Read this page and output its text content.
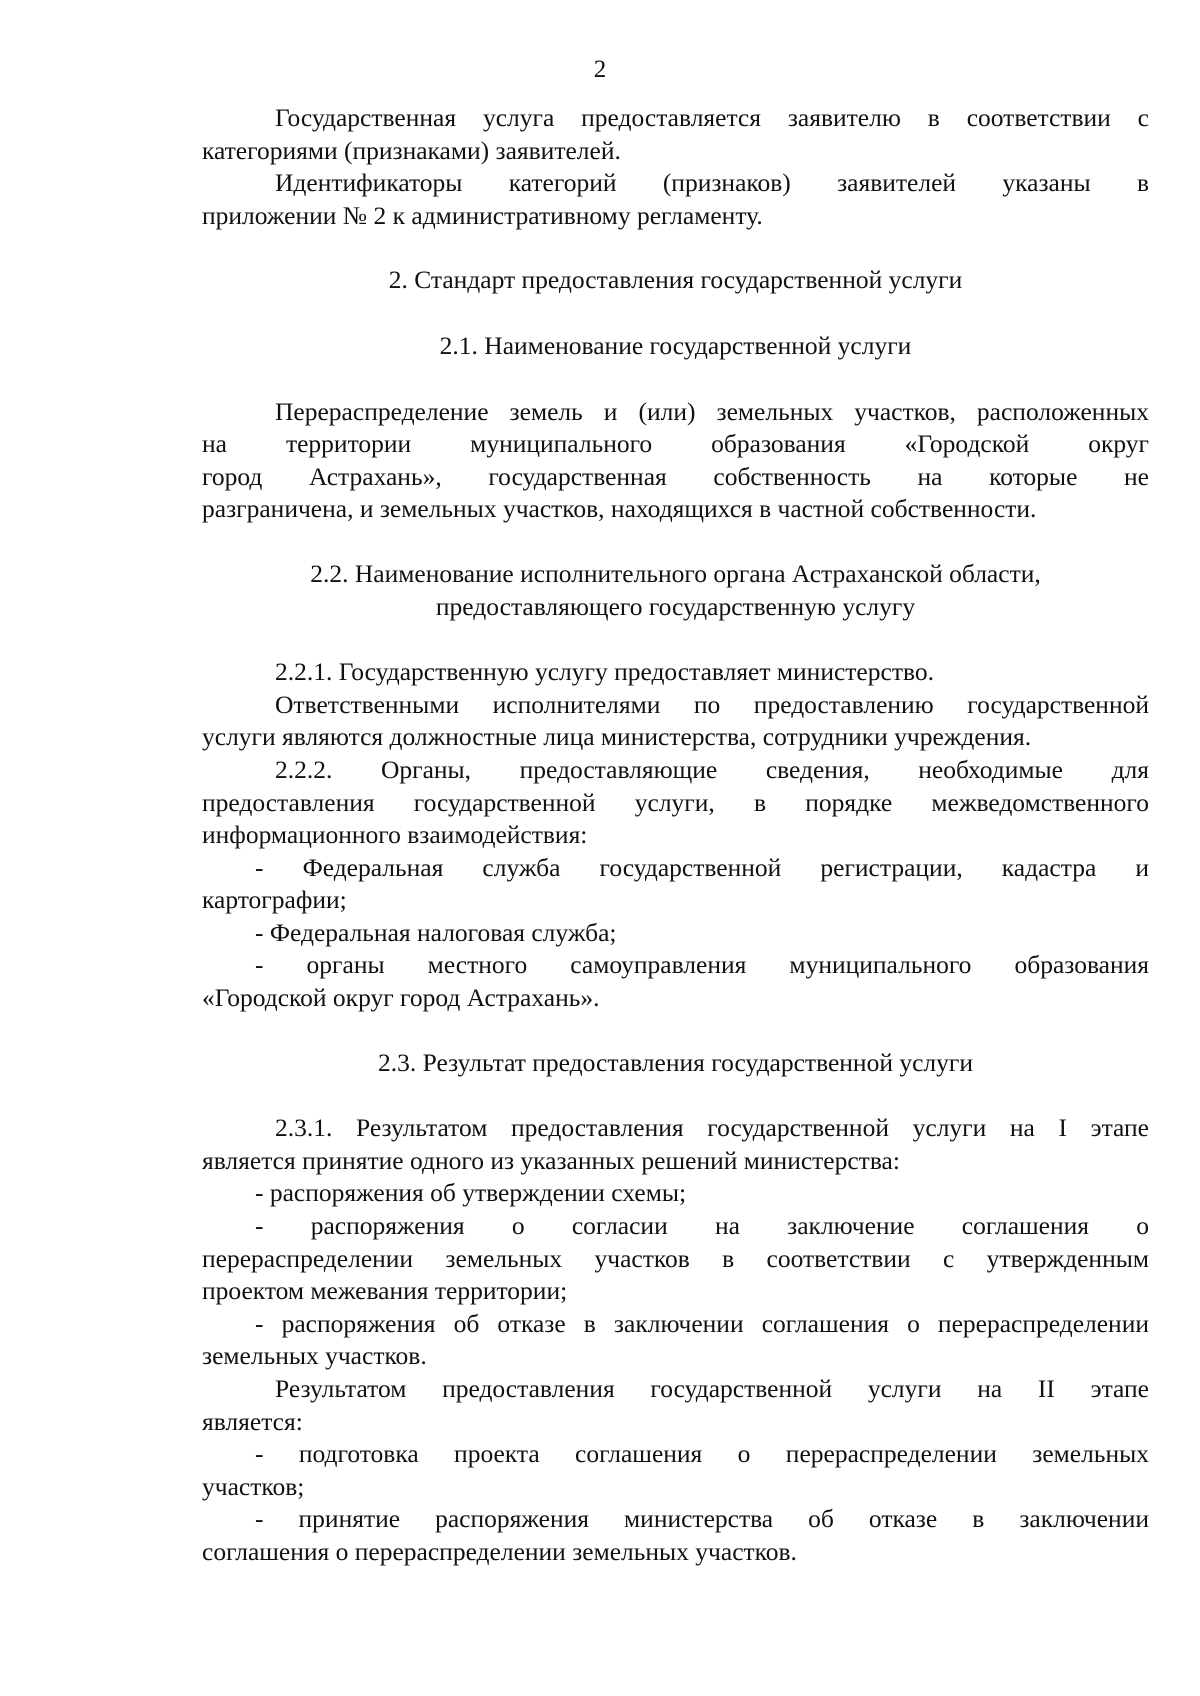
2

Государственная услуга предоставляется заявителю в соответствии с

категориями (признаками) заявителей.

Идентификаторы категорий (признаков) заявителей указаны в

приложении № 2 к административному регламенту.

2. Стандарт предоставления государственной услуги

2.1. Наименование государственной услуги

Перераспределение земель и (или) земельных участков, расположенных

на территории муниципального образования «Городской округ

город Астрахань», государственная собственность на которые не

разграничена, и земельных участков, находящихся в частной собственности.

2.2. Наименование исполнительного органа Астраханской области,

предоставляющего государственную услугу

2.2.1. Государственную услугу предоставляет министерство.

Ответственными исполнителями по предоставлению государственной

услуги являются должностные лица министерства, сотрудники учреждения.

2.2.2. Органы, предоставляющие сведения, необходимые для

предоставления государственной услуги, в порядке межведомственного

информационного взаимодействия:

- Федеральная служба государственной регистрации, кадастра и

картографии;

- Федеральная налоговая служба;

- органы местного самоуправления муниципального образования

«Городской округ город Астрахань».

2.3. Результат предоставления государственной услуги

2.3.1. Результатом предоставления государственной услуги на I этапе

является принятие одного из указанных решений министерства:

- распоряжения об утверждении схемы;

- распоряжения о согласии на заключение соглашения о

перераспределении земельных участков в соответствии с утвержденным

проектом межевания территории;

- распоряжения об отказе в заключении соглашения о перераспределении

земельных участков.

Результатом предоставления государственной услуги на II этапе

является:

- подготовка проекта соглашения о перераспределении земельных

участков;

- принятие распоряжения министерства об отказе в заключении

соглашения о перераспределении земельных участков.
